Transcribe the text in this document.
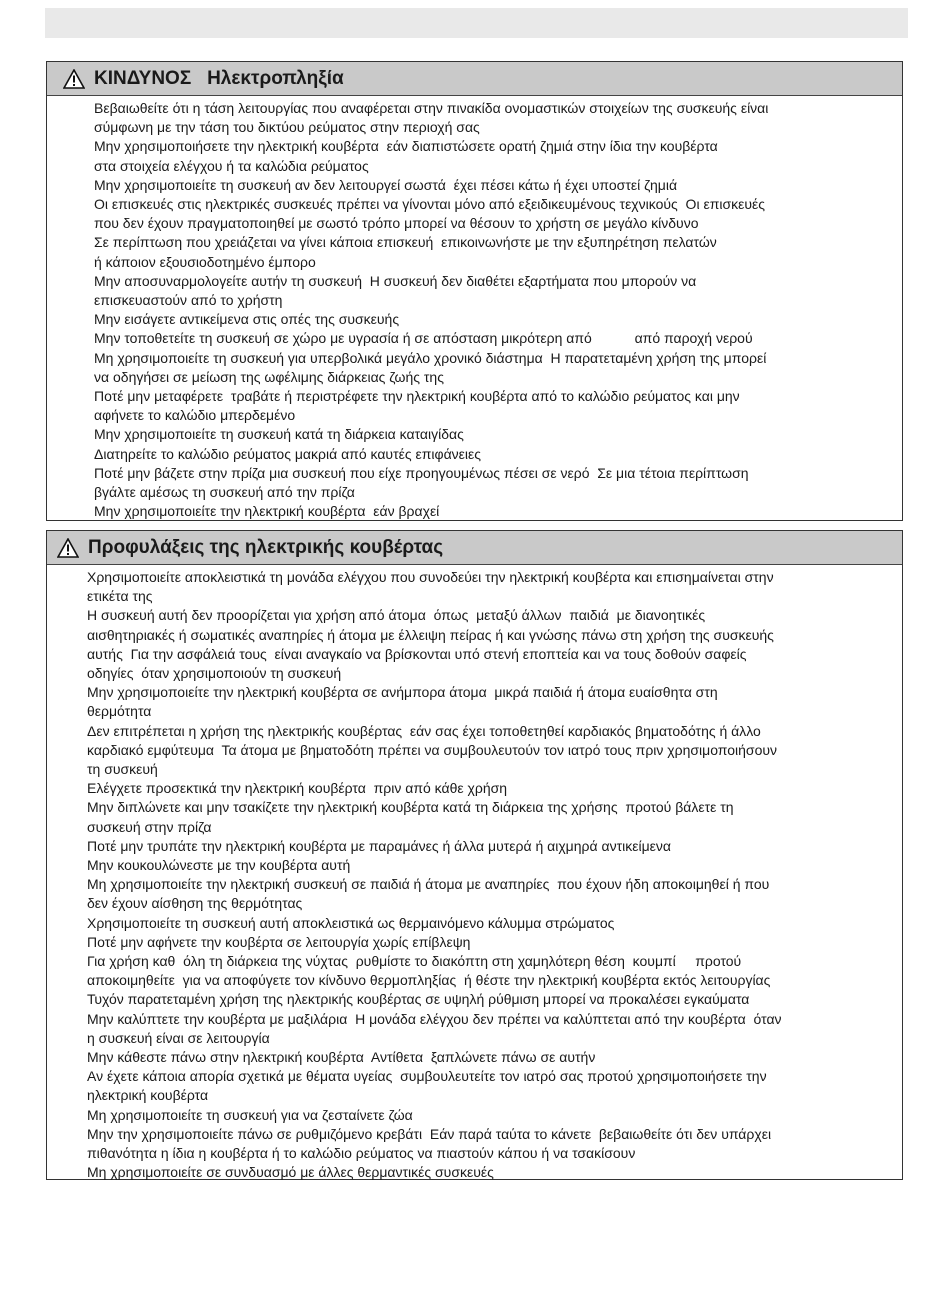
ΚΙΝΔΥΝΟΣ   Ηλεκτροπληξία
Βεβαιωθείτε ότι η τάση λειτουργίας που αναφέρεται στην πινακίδα ονομαστικών στοιχείων της συσκευής είναι
σύμφωνη με την τάση του δικτύου ρεύματος στην περιοχή σας
Μην χρησιμοποιήσετε την ηλεκτρική κουβέρτα  εάν διαπιστώσετε ορατή ζημιά στην ίδια την κουβέρτα
στα στοιχεία ελέγχου ή τα καλώδια ρεύματος
Μην χρησιμοποιείτε τη συσκευή αν δεν λειτουργεί σωστά  έχει πέσει κάτω ή έχει υποστεί ζημιά
Οι επισκευές στις ηλεκτρικές συσκευές πρέπει να γίνονται μόνο από εξειδικευμένους τεχνικούς  Οι επισκευές
που δεν έχουν πραγματοποιηθεί με σωστό τρόπο μπορεί να θέσουν το χρήστη σε μεγάλο κίνδυνο
Σε περίπτωση που χρειάζεται να γίνει κάποια επισκευή  επικοινωνήστε με την εξυπηρέτηση πελατών
ή κάποιον εξουσιοδοτημένο έμπορο
Μην αποσυναρμολογείτε αυτήν τη συσκευή  Η συσκευή δεν διαθέτει εξαρτήματα που μπορούν να
επισκευαστούν από το χρήστη
Μην εισάγετε αντικείμενα στις οπές της συσκευής
Μην τοποθετείτε τη συσκευή σε χώρο με υγρασία ή σε απόσταση μικρότερη από           από παροχή νερού
Μη χρησιμοποιείτε τη συσκευή για υπερβολικά μεγάλο χρονικό διάστημα  Η παρατεταμένη χρήση της μπορεί
να οδηγήσει σε μείωση της ωφέλιμης διάρκειας ζωής της
Ποτέ μην μεταφέρετε  τραβάτε ή περιστρέφετε την ηλεκτρική κουβέρτα από το καλώδιο ρεύματος και μην
αφήνετε το καλώδιο μπερδεμένο
Μην χρησιμοποιείτε τη συσκευή κατά τη διάρκεια καταιγίδας
Διατηρείτε το καλώδιο ρεύματος μακριά από καυτές επιφάνειες
Ποτέ μην βάζετε στην πρίζα μια συσκευή που είχε προηγουμένως πέσει σε νερό  Σε μια τέτοια περίπτωση
βγάλτε αμέσως τη συσκευή από την πρίζα
Μην χρησιμοποιείτε την ηλεκτρική κουβέρτα  εάν βραχεί
Προφυλάξεις της ηλεκτρικής κουβέρτας
Χρησιμοποιείτε αποκλειστικά τη μονάδα ελέγχου που συνοδεύει την ηλεκτρική κουβέρτα και επισημαίνεται στην
ετικέτα της
Η συσκευή αυτή δεν προορίζεται για χρήση από άτομα  όπως  μεταξύ άλλων  παιδιά  με διανοητικές
αισθητηριακές ή σωματικές αναπηρίες ή άτομα με έλλειψη πείρας ή και γνώσης πάνω στη χρήση της συσκευής
αυτής  Για την ασφάλειά τους  είναι αναγκαίο να βρίσκονται υπό στενή εποπτεία και να τους δοθούν σαφείς
οδηγίες  όταν χρησιμοποιούν τη συσκευή
Μην χρησιμοποιείτε την ηλεκτρική κουβέρτα σε ανήμπορα άτομα  μικρά παιδιά ή άτομα ευαίσθητα στη
θερμότητα
Δεν επιτρέπεται η χρήση της ηλεκτρικής κουβέρτας  εάν σας έχει τοποθετηθεί καρδιακός βηματοδότης ή άλλο
καρδιακό εμφύτευμα  Τα άτομα με βηματοδότη πρέπει να συμβουλευτούν τον ιατρό τους πριν χρησιμοποιήσουν
τη συσκευή
Ελέγχετε προσεκτικά την ηλεκτρική κουβέρτα  πριν από κάθε χρήση
Μην διπλώνετε και μην τσακίζετε την ηλεκτρική κουβέρτα κατά τη διάρκεια της χρήσης  προτού βάλετε τη
συσκευή στην πρίζα
Ποτέ μην τρυπάτε την ηλεκτρική κουβέρτα με παραμάνες ή άλλα μυτερά ή αιχμηρά αντικείμενα
Μην κουκουλώνεστε με την κουβέρτα αυτή
Μη χρησιμοποιείτε την ηλεκτρική συσκευή σε παιδιά ή άτομα με αναπηρίες  που έχουν ήδη αποκοιμηθεί ή που
δεν έχουν αίσθηση της θερμότητας
Χρησιμοποιείτε τη συσκευή αυτή αποκλειστικά ως θερμαινόμενο κάλυμμα στρώματος
Ποτέ μην αφήνετε την κουβέρτα σε λειτουργία χωρίς επίβλεψη
Για χρήση καθ  όλη τη διάρκεια της νύχτας  ρυθμίστε το διακόπτη στη χαμηλότερη θέση  κουμπί     προτού
αποκοιμηθείτε  για να αποφύγετε τον κίνδυνο θερμοπληξίας  ή θέστε την ηλεκτρική κουβέρτα εκτός λειτουργίας
Τυχόν παρατεταμένη χρήση της ηλεκτρικής κουβέρτας σε υψηλή ρύθμιση μπορεί να προκαλέσει εγκαύματα
Μην καλύπτετε την κουβέρτα με μαξιλάρια  Η μονάδα ελέγχου δεν πρέπει να καλύπτεται από την κουβέρτα  όταν
η συσκευή είναι σε λειτουργία
Μην κάθεστε πάνω στην ηλεκτρική κουβέρτα  Αντίθετα  ξαπλώνετε πάνω σε αυτήν
Αν έχετε κάποια απορία σχετικά με θέματα υγείας  συμβουλευτείτε τον ιατρό σας προτού χρησιμοποιήσετε την
ηλεκτρική κουβέρτα
Μη χρησιμοποιείτε τη συσκευή για να ζεσταίνετε ζώα
Μην την χρησιμοποιείτε πάνω σε ρυθμιζόμενο κρεβάτι  Εάν παρά ταύτα το κάνετε  βεβαιωθείτε ότι δεν υπάρχει
πιθανότητα η ίδια η κουβέρτα ή το καλώδιο ρεύματος να πιαστούν κάπου ή να τσακίσουν
Μη χρησιμοποιείτε σε συνδυασμό με άλλες θερμαντικές συσκευές
